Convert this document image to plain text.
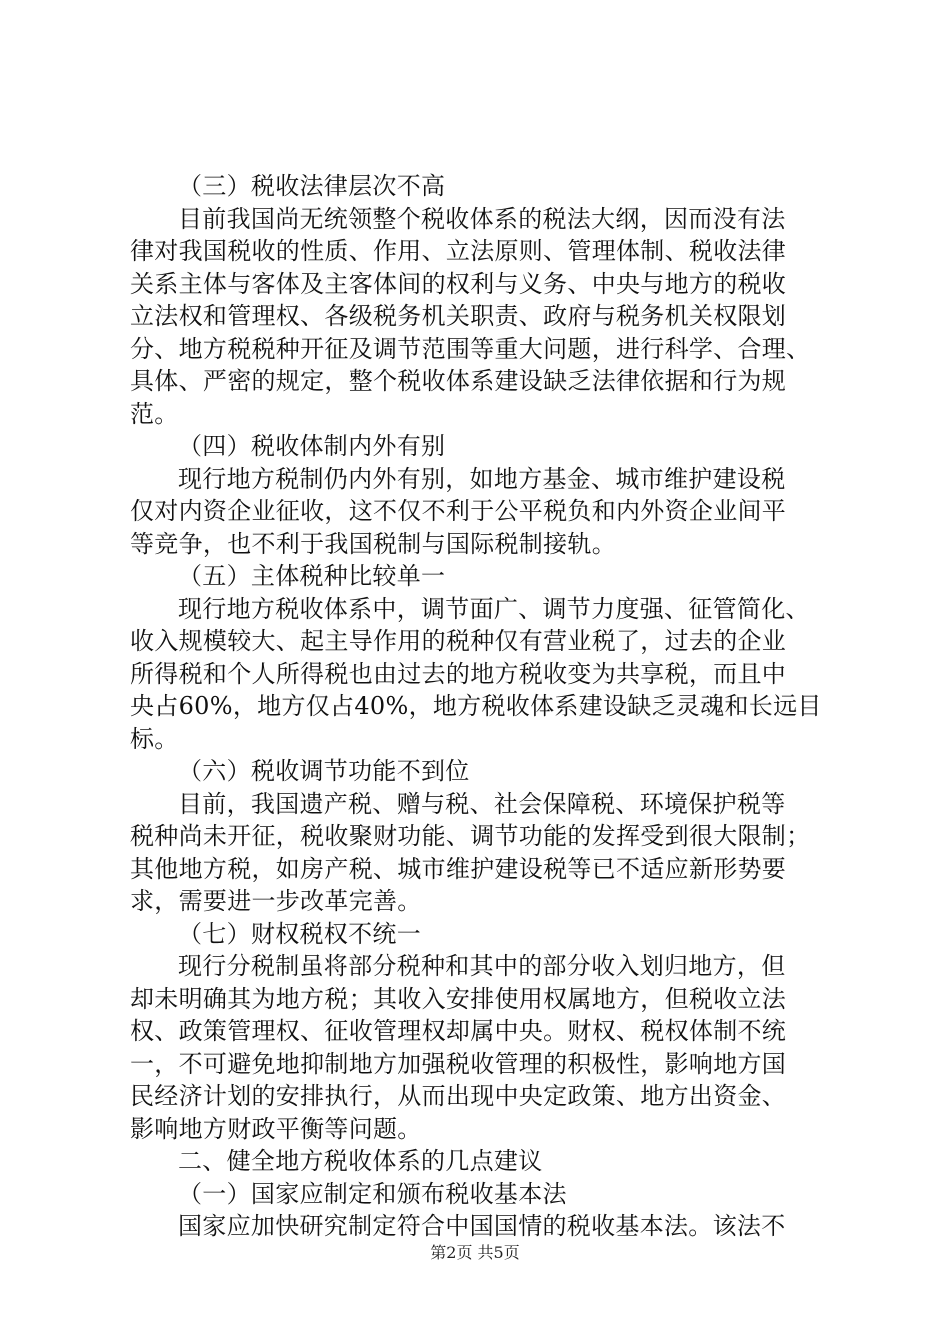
（三）税收法律层次不高
目前我国尚无统领整个税收体系的税法大纲，因而没有法
律对我国税收的性质、作用、立法原则、管理体制、税收法律
关系主体与客体及主客体间的权利与义务、中央与地方的税收
立法权和管理权、各级税务机关职责、政府与税务机关权限划
分、地方税税种开征及调节范围等重大问题，进行科学、合理、
具体、严密的规定，整个税收体系建设缺乏法律依据和行为规
范。
（四）税收体制内外有别
现行地方税制仍内外有别，如地方基金、城市维护建设税
仅对内资企业征收，这不仅不利于公平税负和内外资企业间平
等竞争，也不利于我国税制与国际税制接轨。
（五）主体税种比较单一
现行地方税收体系中，调节面广、调节力度强、征管简化、
收入规模较大、起主导作用的税种仅有营业税了，过去的企业
所得税和个人所得税也由过去的地方税收变为共享税，而且中
央占60%，地方仅占40%，地方税收体系建设缺乏灵魂和长远目
标。
（六）税收调节功能不到位
目前，我国遗产税、赠与税、社会保障税、环境保护税等
税种尚未开征，税收聚财功能、调节功能的发挥受到很大限制；
其他地方税，如房产税、城市维护建设税等已不适应新形势要
求，需要进一步改革完善。
（七）财权税权不统一
现行分税制虽将部分税种和其中的部分收入划归地方，但
却未明确其为地方税；其收入安排使用权属地方，但税收立法
权、政策管理权、征收管理权却属中央。财权、税权体制不统
一，不可避免地抑制地方加强税收管理的积极性，影响地方国
民经济计划的安排执行，从而出现中央定政策、地方出资金、
影响地方财政平衡等问题。
二、健全地方税收体系的几点建议
（一）国家应制定和颁布税收基本法
国家应加快研究制定符合中国国情的税收基本法。该法不
第2页 共5页
